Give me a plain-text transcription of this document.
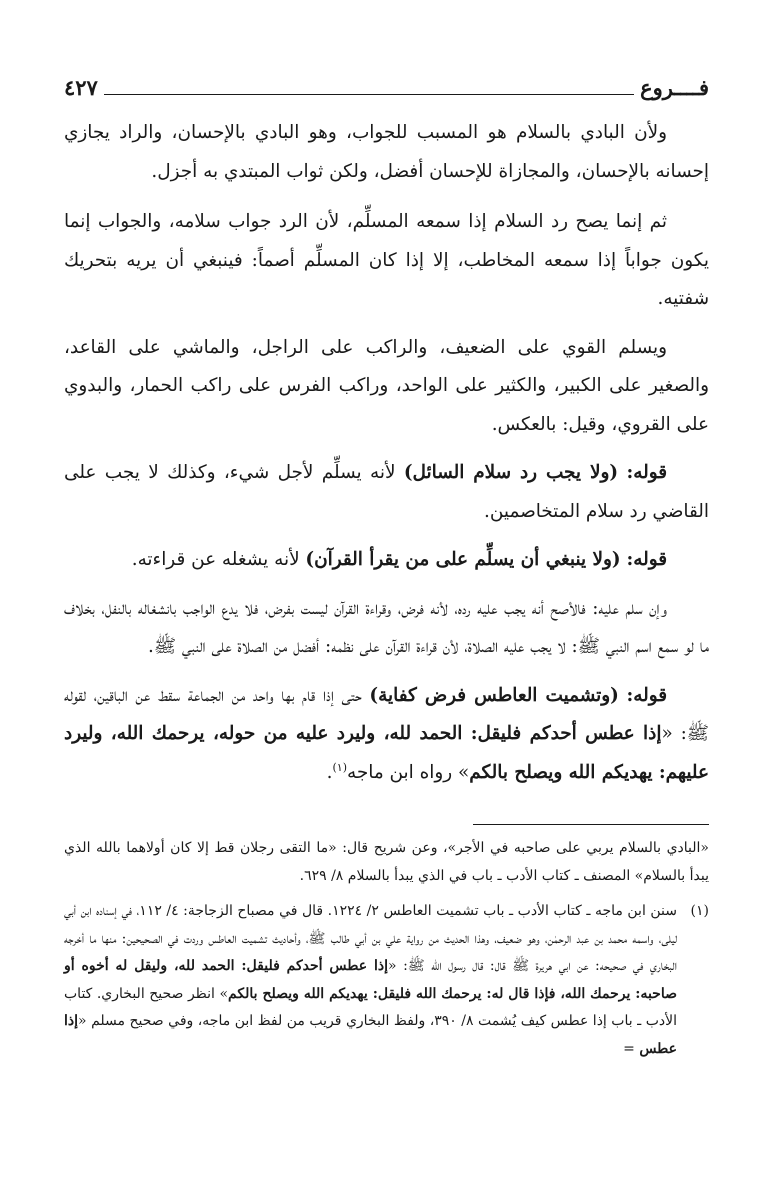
فــــروع
٤٢٧

ولأن البادي بالسلام هو المسبب للجواب، وهو البادي بالإحسان، والراد يجازي إحسانه بالإحسان، والمجازاة للإحسان أفضل، ولكن ثواب المبتدي به أجزل.

ثم إنما يصح رد السلام إذا سمعه المسلِّم، لأن الرد جواب سلامه، والجواب إنما يكون جواباً إذا سمعه المخاطب، إلا إذا كان المسلِّم أصماً: فينبغي أن يريه بتحريك شفتيه.

ويسلم القوي على الضعيف، والراكب على الراجل، والماشي على القاعد، والصغير على الكبير، والكثير على الواحد، وراكب الفرس على راكب الحمار، والبدوي على القروي، وقيل: بالعكس.

قوله: (ولا يجب رد سلام السائل) لأنه يسلِّم لأجل شيء، وكذلك لا يجب على القاضي رد سلام المتخاصمين.

قوله: (ولا ينبغي أن يسلِّم على من يقرأ القرآن) لأنه يشغله عن قراءته.

وإن سلم عليه: فالأصح أنه يجب عليه رده، لأنه فرض، وقراءة القرآن ليست بفرض، فلا يدع الواجب بانشغاله بالنفل، بخلاف ما لو سمع اسم النبي ﷺ: لا يجب عليه الصلاة، لأن قراءة القرآن على نظمه: أفضل من الصلاة على النبي ﷺ.

قوله: (وتشميت العاطس فرض كفاية) حتى إذا قام بها واحد من الجماعة سقط عن الباقين، لقوله ﷺ: «إذا عطس أحدكم فليقل: الحمد لله، وليرد عليه من حوله، يرحمك الله، وليرد عليهم: يهديكم الله ويصلح بالكم» رواه ابن ماجه$^{(١)}$.

«البادي بالسلام يربي على صاحبه في الأجر»، وعن شريح قال: «ما التقى رجلان قط إلا كان أولاهما بالله الذي يبدأ بالسلام» المصنف ـ كتاب الأدب ـ باب في الذي يبدأ بالسلام ٨/ ٦٢٩.

(١)
سنن ابن ماجه ـ كتاب الأدب ـ باب تشميت العاطس ٢/ ١٢٢٤. قال في مصباح الزجاجة: ٤/ ١١٢، في إسناده ابن أبي ليلى، واسمه محمد بن عبد الرحمٰن، وهو ضعيف، وهذا الحديث من رواية علي بن أبي طالب ﷺ، وأحاديث تشميت العاطس وردت في الصحيحين: منها ما أخرجه البخاري في صحيحه: عن ابي هريرة ﷺ قال: قال رسول الله ﷺ: «إذا عطس أحدكم فليقل: الحمد لله، وليقل له أخوه أو صاحبه: يرحمك الله، فإذا قال له: يرحمك الله فليقل: يهديكم الله ويصلح بالكم» انظر صحيح البخاري. كتاب الأدب ـ باب إذا عطس كيف يُشمت ٨/ ٣٩٠، ولفظ البخاري قريب من لفظ ابن ماجه، وفي صحيح مسلم «إذا عطس =
